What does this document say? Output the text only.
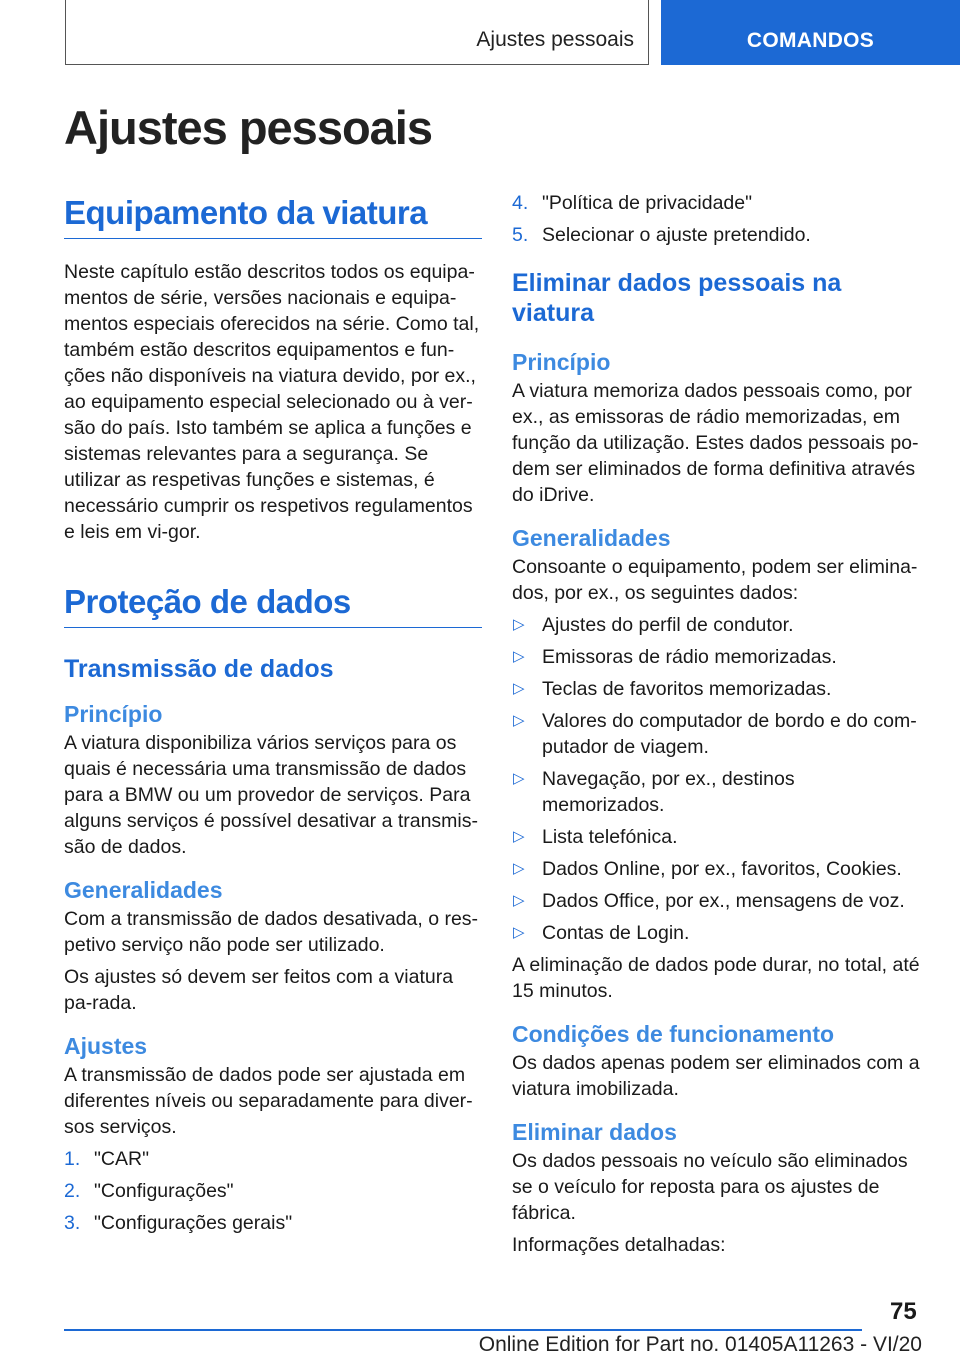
Ajustes pessoais	COMANDOS
Ajustes pessoais
Equipamento da viatura
Neste capítulo estão descritos todos os equipa-mentos de série, versões nacionais e equipa-mentos especiais oferecidos na série. Como tal, também estão descritos equipamentos e fun-ções não disponíveis na viatura devido, por ex., ao equipamento especial selecionado ou à ver-são do país. Isto também se aplica a funções e sistemas relevantes para a segurança. Se utilizar as respetivas funções e sistemas, é necessário cumprir os respetivos regulamentos e leis em vi-gor.
Proteção de dados
Transmissão de dados
Princípio
A viatura disponibiliza vários serviços para os quais é necessária uma transmissão de dados para a BMW ou um provedor de serviços. Para alguns serviços é possível desativar a transmis-são de dados.
Generalidades
Com a transmissão de dados desativada, o res-petivo serviço não pode ser utilizado.
Os ajustes só devem ser feitos com a viatura pa-rada.
Ajustes
A transmissão de dados pode ser ajustada em diferentes níveis ou separadamente para diver-sos serviços.
1. "CAR"
2. "Configurações"
3. "Configurações gerais"
4. "Política de privacidade"
5. Selecionar o ajuste pretendido.
Eliminar dados pessoais na viatura
Princípio
A viatura memoriza dados pessoais como, por ex., as emissoras de rádio memorizadas, em função da utilização. Estes dados pessoais po-dem ser eliminados de forma definitiva através do iDrive.
Generalidades
Consoante o equipamento, podem ser elimina-dos, por ex., os seguintes dados:
▷ Ajustes do perfil de condutor.
▷ Emissoras de rádio memorizadas.
▷ Teclas de favoritos memorizadas.
▷ Valores do computador de bordo e do com-putador de viagem.
▷ Navegação, por ex., destinos memorizados.
▷ Lista telefónica.
▷ Dados Online, por ex., favoritos, Cookies.
▷ Dados Office, por ex., mensagens de voz.
▷ Contas de Login.
A eliminação de dados pode durar, no total, até 15 minutos.
Condições de funcionamento
Os dados apenas podem ser eliminados com a viatura imobilizada.
Eliminar dados
Os dados pessoais no veículo são eliminados se o veículo for reposta para os ajustes de fábrica.
Informações detalhadas:
75
Online Edition for Part no. 01405A11263 - VI/20
